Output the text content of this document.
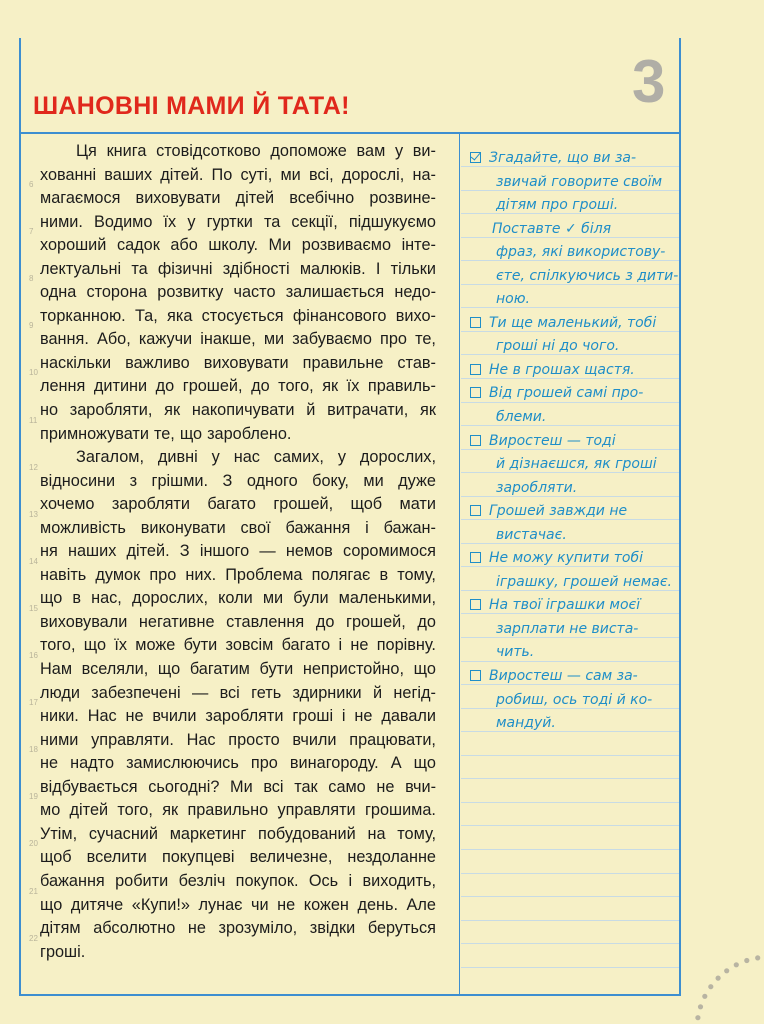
ШАНОВНІ МАМИ Й ТАТА!	3
6
7
8
9
10
11
12
13
14
15
16
17
18
19
20
21
22
Ця книга стовідсотково допоможе вам у ви-
хованні ваших дітей. По суті, ми всі, дорослі, на-
магаємося виховувати дітей всебічно розвине-
ними. Водимо їх у гуртки та секції, підшукуємо
хороший садок або школу. Ми розвиваємо інте-
лектуальні та фізичні здібності малюків. І тільки
одна сторона розвитку часто залишається недо-
торканною. Та, яка стосується фінансового вихо-
вання. Або, кажучи інакше, ми забуваємо про те,
наскільки важливо виховувати правильне став-
лення дитини до грошей, до того, як їх правиль-
но заробляти, як накопичувати й витрачати, як
примножувати те, що зароблено.
Загалом, дивні у нас самих, у дорослих,
відносини з грішми. З одного боку, ми дуже
хочемо заробляти багато грошей, щоб мати
можливість виконувати свої бажання і бажан-
ня наших дітей. З іншого — немов соромимося
навіть думок про них. Проблема полягає в тому,
що в нас, дорослих, коли ми були маленькими,
виховували негативне ставлення до грошей, до
того, що їх може бути зовсім багато і не порівну.
Нам вселяли, що багатим бути непристойно, що
люди забезпечені — всі геть здирники й негід-
ники. Нас не вчили заробляти гроші і не давали
ними управляти. Нас просто вчили працювати,
не надто замислюючись про винагороду. А що
відбувається сьогодні? Ми всі так само не вчи-
мо дітей того, як правильно управляти грошима.
Утім, сучасний маркетинг побудований на тому,
щоб вселити покупцеві величезне, нездоланне
бажання робити безліч покупок. Ось і виходить,
що дитяче «Купи!» лунає чи не кожен день. Але
дітям абсолютно не зрозуміло, звідки беруться
гроші.
Згадайте, що ви за-
звичай говорите своїм
дітям про гроші.
Поставте ✓ біля
фраз, які використову-
єте, спілкуючись з дити-
ною.
Ти ще маленький, тобі
гроші ні до чого.
Не в грошах щастя.
Від грошей самі про-
блеми.
Виростеш — тоді
й дізнаєшся, як гроші
заробляти.
Грошей завжди не
вистачає.
Не можу купити тобі
іграшку, грошей немає.
На твої іграшки моєї
зарплати не виста-
чить.
Виростеш — сам за-
робиш, ось тоді й ко-
мандуй.
